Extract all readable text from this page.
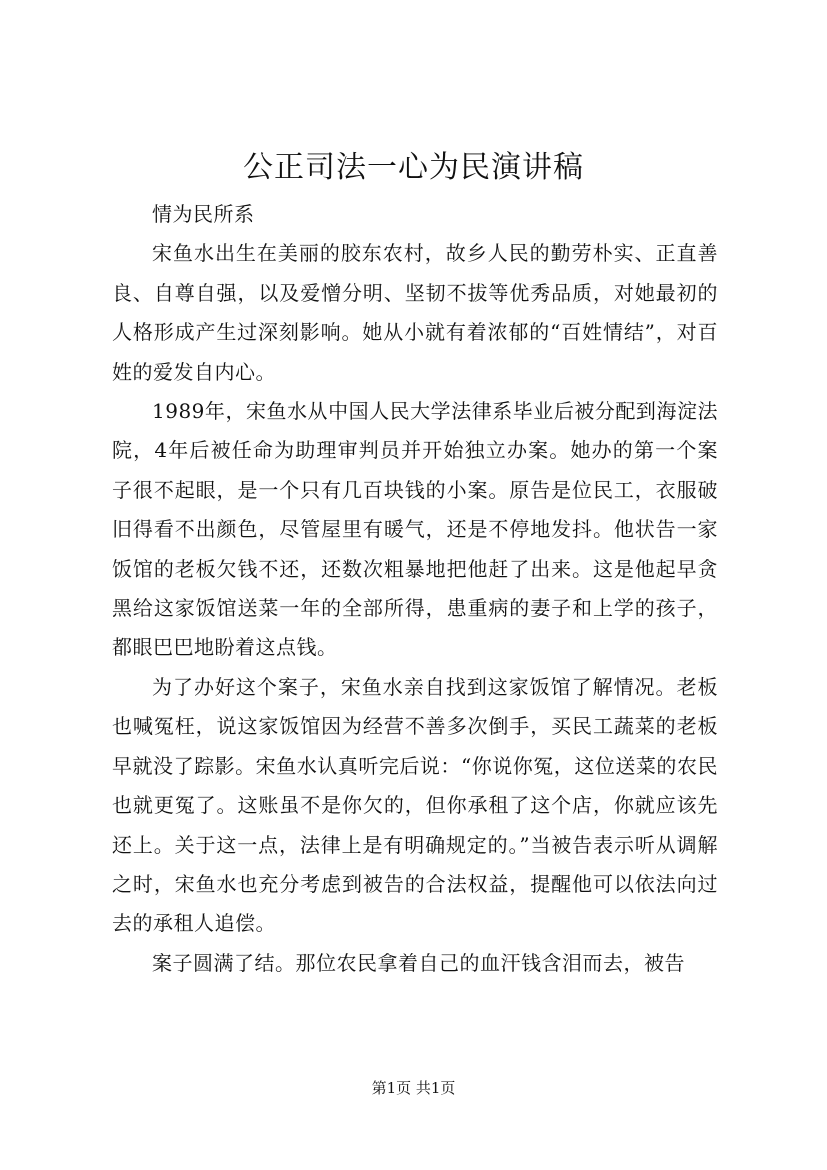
公正司法一心为民演讲稿

情为民所系

宋鱼水出生在美丽的胶东农村，故乡人民的勤劳朴实、正直善良、自尊自强，以及爱憎分明、坚韧不拔等优秀品质，对她最初的人格形成产生过深刻影响。她从小就有着浓郁的“百姓情结”，对百姓的爱发自内心。

1989年，宋鱼水从中国人民大学法律系毕业后被分配到海淀法院，4年后被任命为助理审判员并开始独立办案。她办的第一个案子很不起眼，是一个只有几百块钱的小案。原告是位民工，衣服破旧得看不出颜色，尽管屋里有暖气，还是不停地发抖。他状告一家饭馆的老板欠钱不还，还数次粗暴地把他赶了出来。这是他起早贪黑给这家饭馆送菜一年的全部所得，患重病的妻子和上学的孩子，都眼巴巴地盼着这点钱。

为了办好这个案子，宋鱼水亲自找到这家饭馆了解情况。老板也喊冤枉，说这家饭馆因为经营不善多次倒手，买民工蔬菜的老板早就没了踪影。宋鱼水认真听完后说：“你说你冤，这位送菜的农民也就更冤了。这账虽不是你欠的，但你承租了这个店，你就应该先还上。关于这一点，法律上是有明确规定的。”当被告表示听从调解之时，宋鱼水也充分考虑到被告的合法权益，提醒他可以依法向过去的承租人追偿。

案子圆满了结。那位农民拿着自己的血汗钱含泪而去，被告

第1页 共1页
